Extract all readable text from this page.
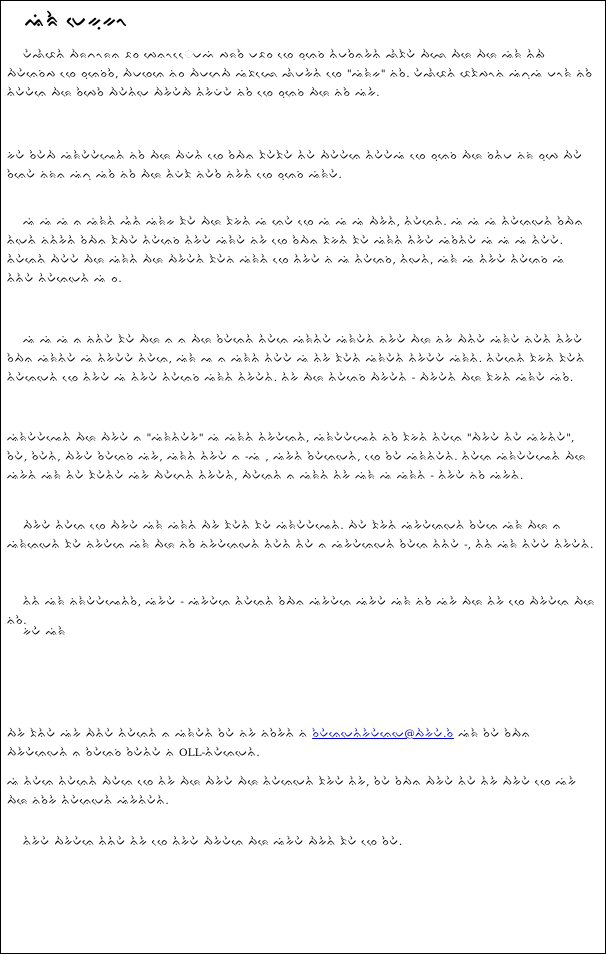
ᨕᨗᨑᨛ ᨆᨙᨀᨘᨀᨚ
ᨆᨛᨒᨛᨅᨙᨊᨛ ᨄᨛᨑᨈᨚᨑᨊ ᨅᨔ ᨄᨙᨊᨚᨙᨙᨆᨓᨗ ᨄᨑᨔᨛ ᨆᨅᨔ ᨔᨙᨙ ᨔᨘᨊᨙᨔᨗ ᨊᨛᨆᨔᨛᨊᨀᨛᨊᨛ ᨒᨛᨅᨛᨆᨛ ᨄᨛᨒᨙ ᨄᨛᨑᨙ ᨄᨛᨑᨙ ᨕᨗᨑᨛ ᨊᨛᨁᨛ ᨄᨛᨆᨛᨊᨙᨔᨗᨄ ᨔᨙᨙ ᨔᨘᨊᨙᨔᨗᨔᨛ, ᨄᨛᨆᨔᨙᨊᨙ ᨊᨗᨔ ᨄᨛᨆᨈᨙᨄᨛ ᨕᨗᨅᨗᨒᨙᨙ ᨒᨛᨆᨀᨛᨊᨛ ᨔᨙᨙ "ᨕᨗᨑᨛᨀ" ᨊᨗᨔᨛ. ᨆᨛᨒᨛᨅᨙᨊᨛ ᨅᨙᨅᨛᨄᨚᨊᨗ ᨕᨗᨈᨘᨕᨗ ᨆᨚᨑᨛ ᨊᨗᨔᨛ ᨊᨛᨆᨛᨆᨛᨊᨙ ᨄᨛᨑᨙ ᨔᨛᨄᨙᨔᨛ ᨄᨛᨆᨛᨊᨛᨆᨙ ᨄᨛᨀᨛᨆᨛᨄᨛ ᨊᨛᨀᨛᨆᨗᨆᨛ ᨊᨗᨔᨛ ᨔᨙᨙ ᨔᨘᨊᨙᨔᨗ ᨄᨛᨑᨙ ᨊᨗᨔᨛ ᨕᨗᨀᨛ.
ᨀᨗᨆᨛ ᨔᨛᨆᨛᨄᨛ ᨕᨗᨑᨛᨆᨛᨆᨛᨕᨙᨊᨛ ᨊᨗᨔᨛ ᨄᨛᨑᨙ ᨄᨛᨆᨗᨊᨛ ᨔᨙᨙ ᨔᨛᨄᨛᨊ ᨅᨛᨆᨛᨅᨛᨆᨛ ᨊᨛᨆᨛ ᨄᨛᨆᨛᨆᨛᨊᨙ ᨊᨛᨆᨛᨆᨛᨕᨗ ᨔᨙᨙ ᨔᨘᨊᨙᨔᨗ ᨄᨛᨑᨙ ᨔᨗᨊᨛᨆ ᨊᨗᨑᨗ ᨔᨘᨄᨙ ᨄᨛᨆᨛ ᨔᨛᨊᨙᨆᨛ ᨊᨗᨑᨗᨊ ᨕᨗᨈᨘ ᨕᨗᨔᨛ ᨊᨗᨔᨛ ᨄᨛᨑᨙ ᨊᨛᨆᨗᨅᨛ ᨊᨗᨆᨛᨔᨛ ᨊᨗᨀᨛᨊᨛ ᨔᨙᨙ ᨔᨘᨊᨙᨔᨗ ᨕᨗᨑᨛᨆᨛ.
ᨕᨗ ᨕᨗ ᨕᨗ ᨊ ᨕᨗᨑᨛᨊᨛ ᨕᨛᨊᨛ ᨕᨗᨑᨛᨀ ᨅᨛᨆᨛ ᨄᨛᨑᨙ ᨅᨛᨀᨗᨊᨛ ᨕᨗ ᨊᨙᨆᨛ ᨔᨙᨙ ᨕᨗ ᨕᨗ ᨕᨗ ᨄᨛᨀᨛᨊᨛ, ᨊᨛᨆᨛᨊᨙᨊᨛ. ᨕᨗ ᨕᨗ ᨕᨗ ᨊᨛᨆᨛᨊᨙᨆᨙᨊᨛ ᨔᨛᨄᨛᨊ ᨊᨛᨆᨙᨊᨛ ᨊᨗᨊᨛᨀᨛᨊᨛ ᨔᨛᨄᨛᨊ ᨅᨛᨄᨛᨆᨛ ᨊᨛᨆᨛᨊᨙᨔᨗ ᨊᨛᨀᨛᨆᨛ ᨕᨗᨑᨛᨆᨛ ᨊᨗᨀᨛ ᨔᨙᨙ ᨔᨛᨄᨛᨊ ᨅᨛᨀᨗᨊᨛ ᨅᨛᨆᨛ ᨕᨗᨑᨛᨊᨛ ᨊᨛᨀᨛᨆᨛ ᨕᨗᨔᨛᨊᨛᨆᨛ ᨕᨗ ᨕᨗ ᨕᨗ ᨊᨛᨆᨛᨆᨛ. ᨊᨛᨆᨛᨊᨙᨊᨛ ᨄᨛᨆᨛᨆᨛ ᨄᨛᨑᨙ ᨕᨗᨑᨛᨊᨛ ᨄᨛᨑᨙ ᨄᨛᨀᨛᨆᨛᨊᨛ ᨅᨛᨆᨛᨊᨗ ᨕᨗᨑᨛᨊᨛ ᨔᨙᨙ ᨊᨛᨀᨛᨆᨛ ᨊᨗ ᨕᨗ ᨊᨛᨆᨛᨊᨙᨔᨗ, ᨊᨛᨆᨙᨊᨛ, ᨕᨗᨑᨛ ᨕᨗ ᨊᨛᨀᨛᨆᨛ ᨊᨛᨆᨛᨊᨙᨔᨗ ᨕᨗ ᨊᨛᨊᨛᨆᨛ ᨊᨛᨆᨛᨊᨙᨆᨙᨊᨛ ᨕᨗ ᨔ.
ᨕᨗ ᨕᨗ ᨕᨗ ᨊ ᨊᨗᨊᨛᨆᨛ ᨅᨛᨆᨛ ᨄᨛᨑᨙ ᨊ ᨊ ᨄᨛᨑᨙ ᨔᨛᨆᨛᨊᨙᨊᨛ ᨊᨛᨆᨛᨊᨙ ᨕᨗᨑᨛᨊᨛᨆᨛ ᨕᨗᨑᨛᨆᨛᨊᨛ ᨊᨗᨀᨛᨆᨛ ᨄᨛᨑᨙ ᨊᨗᨀᨛ ᨄᨛᨊᨛᨆᨛ ᨕᨗᨑᨛᨆᨛ ᨊᨗᨆᨛᨊᨛ ᨊᨛᨀᨛᨆᨛ ᨔᨛᨄᨛᨊ ᨕᨗᨑᨛᨊᨛᨆᨛ ᨕᨗ ᨊᨛᨀᨛᨆᨛᨆᨛ ᨊᨛᨆᨛᨊᨙ, ᨕᨗᨑᨛ ᨕ ᨊ ᨕᨗᨑᨛᨊᨛ ᨊᨛᨆᨛᨆᨛ ᨕᨗ ᨊᨛᨀᨛ ᨅᨛᨆᨛᨊᨛ ᨕᨗᨑᨛᨆᨛᨊᨛ ᨊᨛᨀᨛᨆᨛᨆᨛ ᨕᨗᨑᨛᨊᨛ. ᨊᨛᨆᨛᨊᨙᨊᨛ ᨅᨛᨀᨗᨊᨛ ᨅᨛᨆᨛᨊᨛ ᨊᨛᨆᨛᨊᨙᨆᨙᨊᨛ ᨔᨙᨙ ᨊᨛᨀᨛᨆᨛ ᨕᨗ ᨊᨛᨀᨛᨆᨛ ᨊᨛᨆᨛᨊᨙᨔᨗ ᨕᨗᨑᨛᨊᨛ ᨊᨛᨀᨛᨆᨛᨊᨛ. ᨊᨛᨀᨛ ᨄᨛᨑᨙ ᨊᨛᨆᨛᨊᨙᨔᨗ ᨄᨛᨀᨛᨆᨛᨊᨛ - ᨄᨛᨀᨛᨆᨛᨊᨛ ᨄᨛᨑᨙ ᨅᨛᨀᨗᨊᨛ ᨕᨗᨑᨛᨆᨛ ᨕᨗᨔᨛ.
ᨕᨗᨑᨛᨆᨛᨆᨛᨕᨙᨊᨛ ᨄᨛᨑᨙ ᨄᨛᨀᨛᨆᨛ ᨊ "ᨕᨗᨑᨛᨊᨛᨆᨛᨀᨛ" ᨕᨗ ᨕᨗᨑᨛᨊᨛ ᨊᨛᨀᨛᨆᨛᨊᨙᨊᨛ, ᨕᨗᨑᨛᨆᨛᨆᨛᨕᨙᨊᨛ ᨊᨗᨔᨛ ᨅᨛᨀᨗᨊᨛ ᨊᨛᨆᨛᨊᨙ "ᨄᨛᨀᨛᨆᨛ ᨊᨛᨆᨛ ᨕᨗᨀᨛᨊᨛᨆᨛ", ᨔᨛᨆᨛ, ᨔᨛᨆᨛᨊᨛ, ᨄᨛᨀᨛᨆᨛ ᨔᨛᨆᨛᨊᨙᨔᨗ ᨕᨗᨀᨛ, ᨕᨗᨑᨛᨊᨛ ᨊᨛᨀᨛᨆᨛ ᨊ -ᨕᨗ , ᨕᨗᨀᨛᨊᨛ ᨔᨛᨆᨛᨊᨙᨆᨙᨊᨛ, ᨔᨙᨙ ᨔᨛᨆᨛ ᨕᨗᨑᨛᨊᨛᨆᨛᨊᨛ. ᨊᨛᨆᨛᨊᨙ ᨕᨗᨑᨛᨆᨛᨆᨛᨕᨙᨊᨛ ᨄᨛᨑᨙ ᨕᨗᨀᨛᨊᨛ ᨕᨗᨑᨛ ᨊᨛᨆᨛ ᨅᨛᨆᨛᨊᨛᨆᨛ ᨕᨗᨀᨛ ᨄᨛᨆᨛᨈᨙᨊᨛ ᨊᨛᨀᨛᨆᨛᨊᨛ, ᨄᨛᨆᨛᨊᨙᨊᨛ ᨊ ᨕᨗᨑᨛᨊᨛ ᨊᨛᨀᨛ ᨕᨗᨑᨛ ᨕᨗ ᨕᨗᨑᨛᨊᨛ - ᨊᨛᨀᨛᨆᨛ ᨊᨗᨔᨛ ᨕᨗᨀᨛᨊᨛ.
ᨄᨛᨀᨛᨆᨛ ᨊᨛᨆᨛᨊᨙ ᨔᨙᨙ ᨄᨛᨀᨛᨆᨛ ᨕᨗᨑᨛ ᨕᨗᨑᨛᨊᨛ ᨄᨛᨀᨛ ᨅᨛᨆᨛᨊᨛ ᨅᨛᨆᨛ ᨕᨗᨑᨛᨆᨛᨆᨛᨕᨙᨊᨛ. ᨄᨛᨆᨛ ᨅᨛᨀᨛᨊᨛ ᨕᨗᨀᨛᨆᨛᨊᨙᨆᨙᨊᨛ ᨔᨛᨆᨛᨊᨙ ᨕᨗᨑᨛ ᨄᨛᨑᨙ ᨊ ᨕᨗᨑᨛᨊᨙᨆᨙᨊᨛ ᨅᨛᨆᨛ ᨊᨗᨀᨛᨆᨛᨊᨙ ᨕᨗᨑᨛ ᨄᨛᨑᨙ ᨊᨗᨔᨛ ᨊᨗᨀᨛᨆᨛᨊᨙᨆᨙᨊᨛ ᨊᨛᨆᨛᨊᨛ ᨊᨛᨆᨛ ᨊ ᨕᨗᨀᨛᨆᨛᨊᨙᨆᨙᨊᨛ ᨔᨛᨆᨛᨊᨙ ᨊᨛᨊᨛᨆᨛ -, ᨊᨛᨊᨛ ᨕᨗᨑᨛ ᨊᨛᨆᨛᨆᨛ ᨊᨛᨀᨛᨆᨛᨊᨛ.
ᨊᨛᨊᨛ ᨕᨗᨑᨛ ᨊᨗᨑᨛᨆᨛᨆᨛᨕᨙᨊᨛᨔᨛ, ᨕᨗᨀᨛᨆᨛ - ᨕᨗᨀᨛᨆᨛᨊᨙ ᨊᨛᨆᨛᨊᨙᨊᨛ ᨔᨛᨄᨛᨊ ᨕᨗᨀᨛᨆᨛᨊᨙ ᨕᨗᨀᨛᨆᨛ ᨕᨗᨑᨛ ᨊᨗᨔᨛ ᨕᨗᨀᨛ ᨄᨛᨑᨙ ᨊᨛᨀᨛ ᨔᨙᨙ ᨄᨛᨀᨛᨆᨛᨊᨙ ᨄᨛᨑᨙ ᨊᨗᨔᨛ.
ᨀᨗᨆᨛ ᨕᨗᨑᨛ
ᨄᨛᨀᨛ ᨅᨛᨊᨛᨆᨛ ᨕᨗᨀᨛ ᨄᨛᨊᨛᨆᨛ ᨊᨛᨆᨛᨊᨙᨊᨛ ᨊ ᨕᨗᨑᨛᨆᨛᨊᨛ ᨔᨛᨆᨛ ᨊᨗᨀᨛ ᨊᨗᨔᨛᨀᨛᨊᨛ ᨊᨗ ᨔᨛᨆᨛᨊᨙᨆᨙᨊᨛᨀᨛᨆᨛᨊᨙᨆᨙ@ᨄᨛᨀᨛᨆᨛ.ᨔᨛ ᨕᨗᨑᨛ ᨔᨛᨆᨛ ᨔᨛᨄᨛᨊ ᨄᨛᨀᨛᨆᨛᨊᨙᨆᨙᨊᨛ ᨊ ᨔᨛᨆᨛᨊᨙᨔᨗ ᨔᨛᨆᨛᨊᨛᨆᨛ ᨊᨗ OLL-ᨊᨛᨆᨛᨊᨙᨆᨙᨊᨛ.
ᨕᨗ ᨊᨛᨆᨛᨊᨙ ᨊᨛᨆᨛᨊᨙᨊᨛ ᨄᨛᨆᨛᨊᨙ ᨔᨙᨙ ᨊᨛᨀᨛ ᨄᨛᨑᨙ ᨄᨛᨀᨛᨆᨛ ᨄᨛᨑᨙ ᨊᨛᨆᨛᨊᨙᨆᨙᨊᨛ ᨅᨛᨀᨛᨆᨛ ᨊᨛᨀᨛ, ᨔᨛᨆᨛ ᨔᨛᨄᨛᨊ ᨄᨛᨀᨛᨆᨛ ᨊᨛᨆᨛ ᨊᨛᨀᨛ ᨄᨛᨀᨛᨆᨛ ᨔᨙᨙ ᨕᨗᨀᨛ ᨄᨛᨑᨙ ᨊᨗᨔᨛᨀᨛ ᨊᨛᨆᨛᨊᨙᨆᨙᨊᨛ ᨕᨗᨀᨛᨊᨛᨆᨛᨊᨛ.
ᨊᨛᨀᨛᨆᨛ ᨄᨛᨀᨛᨆᨛᨊᨙ ᨊᨛᨊᨛᨆᨛ ᨊᨛᨀᨛ ᨔᨙᨙ ᨊᨛᨀᨛᨆᨛ ᨄᨛᨀᨛᨆᨛᨊᨙ ᨄᨛᨑᨙ ᨕᨗᨀᨛᨆᨛ ᨄᨛᨀᨛᨊᨛ ᨅᨛᨆᨛ ᨔᨙᨙ ᨔᨛᨆᨛ.
